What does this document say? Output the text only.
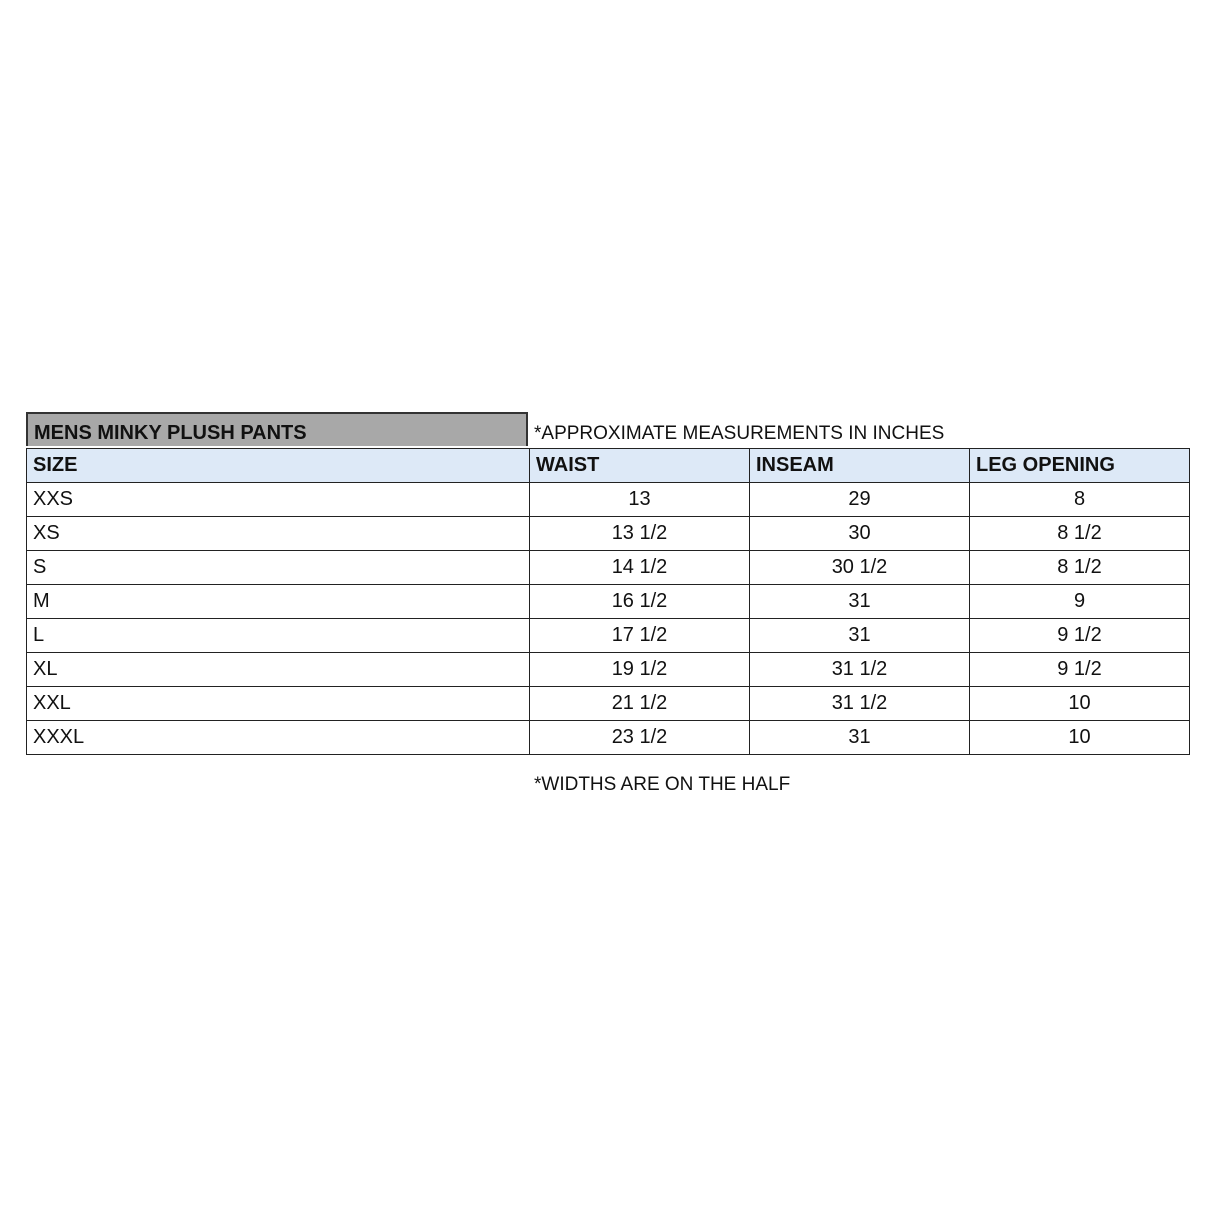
MENS MINKY PLUSH PANTS	*APPROXIMATE MEASUREMENTS IN INCHES
SIZE	WAIST	INSEAM	LEG OPENING
XXS	13	29	8
XS	13 1/2	30	8 1/2
S	14 1/2	30 1/2	8 1/2
M	16 1/2	31	9
L	17 1/2	31	9 1/2
XL	19 1/2	31 1/2	9 1/2
XXL	21 1/2	31 1/2	10
XXXL	23 1/2	31	10
*WIDTHS ARE ON THE HALF
